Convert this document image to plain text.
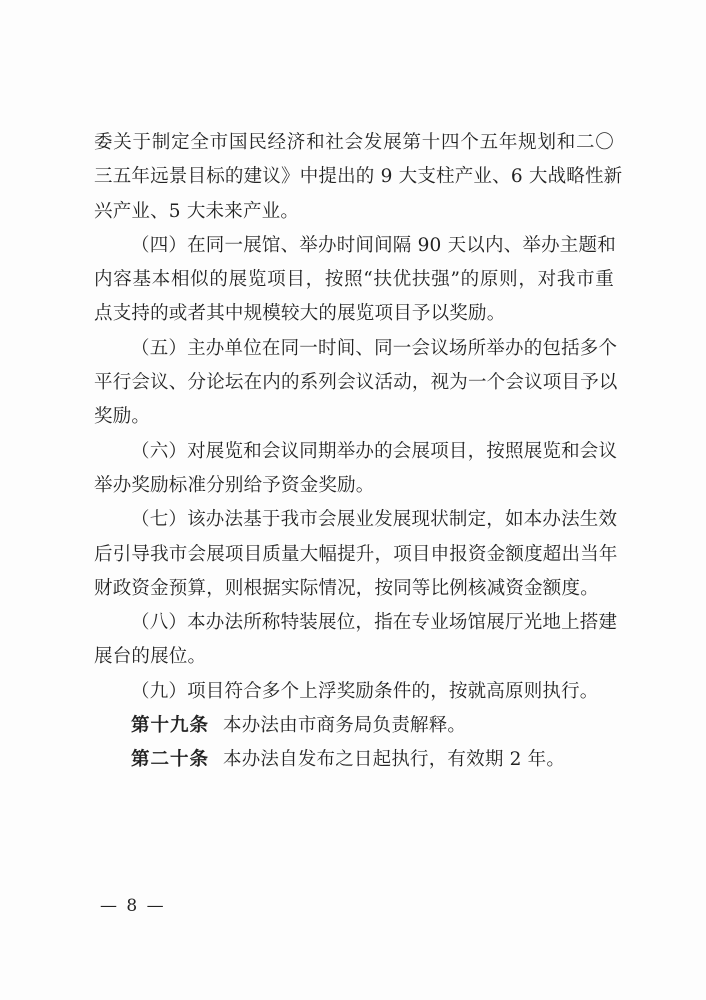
委关于制定全市国民经济和社会发展第十四个五年规划和二〇
三五年远景目标的建议》中提出的 9 大支柱产业、6 大战略性新
兴产业、5 大未来产业。
（四）在同一展馆、举办时间间隔 90 天以内、举办主题和
内容基本相似的展览项目，按照“扶优扶强”的原则，对我市重
点支持的或者其中规模较大的展览项目予以奖励。
（五）主办单位在同一时间、同一会议场所举办的包括多个
平行会议、分论坛在内的系列会议活动，视为一个会议项目予以
奖励。
（六）对展览和会议同期举办的会展项目，按照展览和会议
举办奖励标准分别给予资金奖励。
（七）该办法基于我市会展业发展现状制定，如本办法生效
后引导我市会展项目质量大幅提升，项目申报资金额度超出当年
财政资金预算，则根据实际情况，按同等比例核减资金额度。
（八）本办法所称特装展位，指在专业场馆展厅光地上搭建
展台的展位。
（九）项目符合多个上浮奖励条件的，按就高原则执行。
第十九条 本办法由市商务局负责解释。
第二十条 本办法自发布之日起执行，有效期 2 年。
— 8 —
